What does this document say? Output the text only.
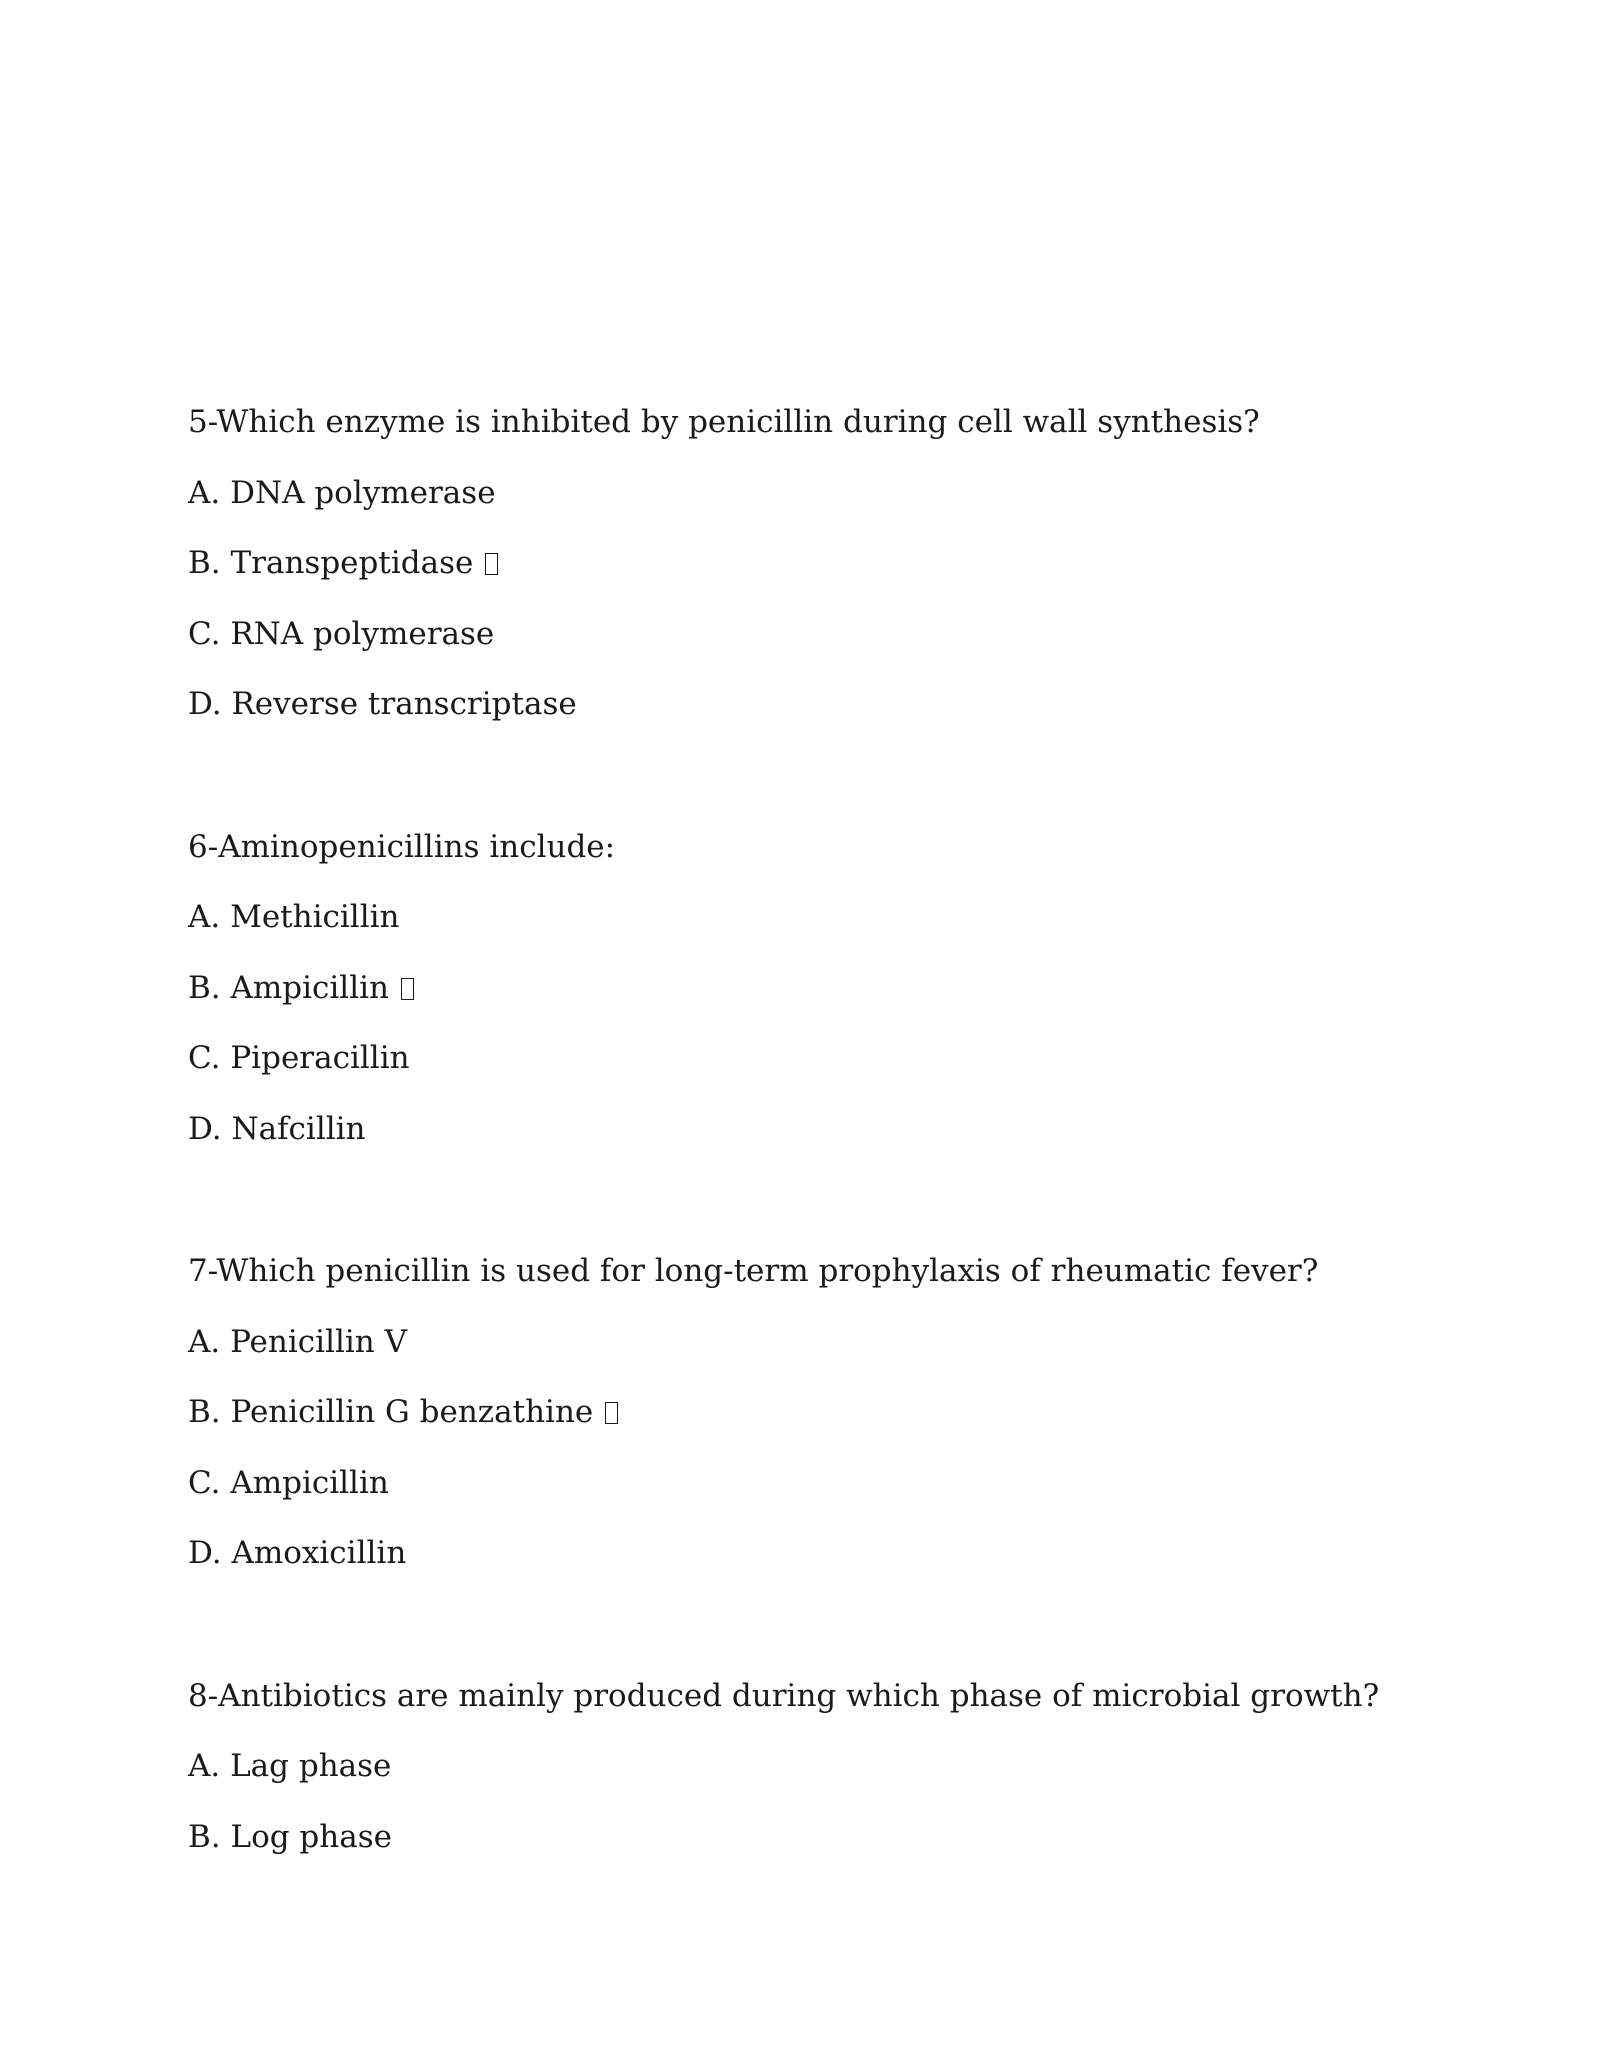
5-Which enzyme is inhibited by penicillin during cell wall synthesis?
A. DNA polymerase
B. Transpeptidase
C. RNA polymerase
D. Reverse transcriptase
6-Aminopenicillins include:
A. Methicillin
B. Ampicillin
C. Piperacillin
D. Nafcillin
7-Which penicillin is used for long-term prophylaxis of rheumatic fever?
A. Penicillin V
B. Penicillin G benzathine
C. Ampicillin
D. Amoxicillin
8-Antibiotics are mainly produced during which phase of microbial growth?
A. Lag phase
B. Log phase
